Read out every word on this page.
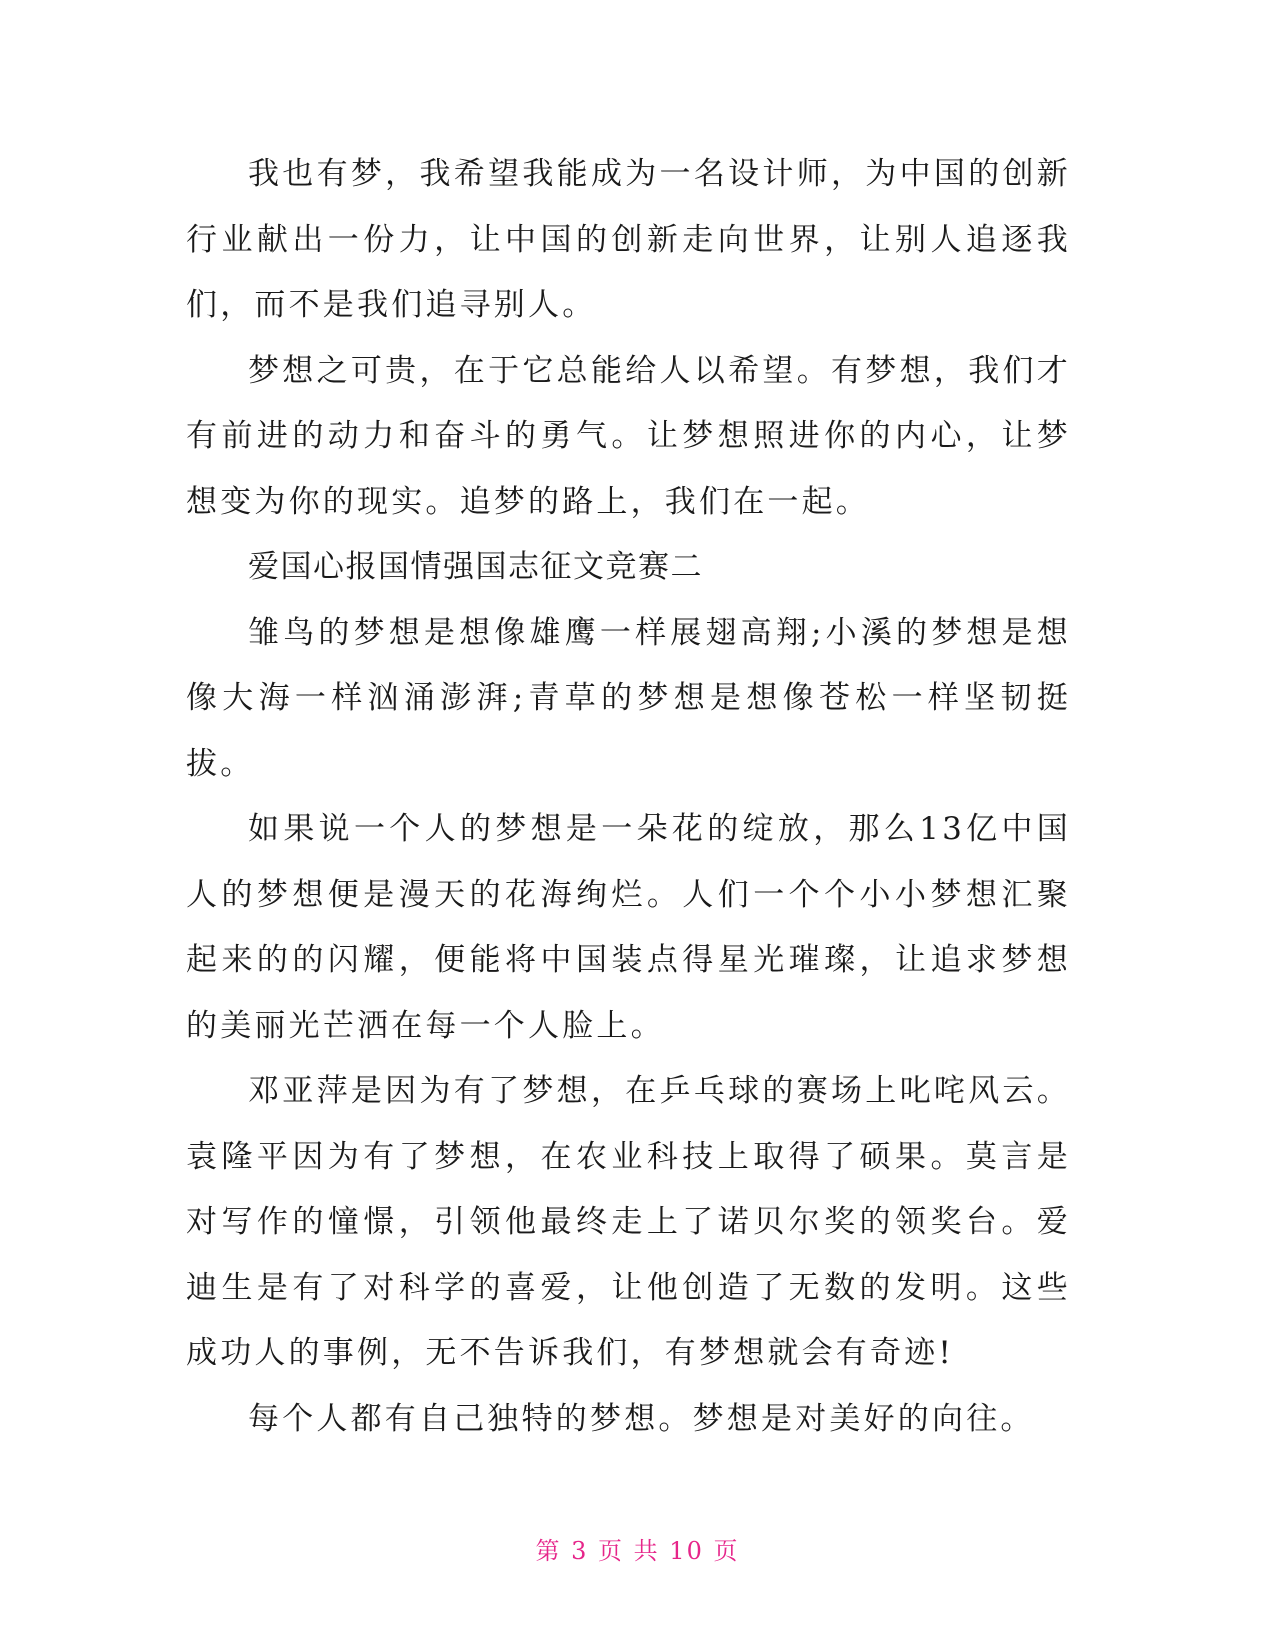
我也有梦，我希望我能成为一名设计师，为中国的创新行业献出一份力，让中国的创新走向世界，让别人追逐我们，而不是我们追寻别人。

梦想之可贵，在于它总能给人以希望。有梦想，我们才有前进的动力和奋斗的勇气。让梦想照进你的内心，让梦想变为你的现实。追梦的路上，我们在一起。

爱国心报国情强国志征文竞赛二

雏鸟的梦想是想像雄鹰一样展翅高翔;小溪的梦想是想像大海一样汹涌澎湃;青草的梦想是想像苍松一样坚韧挺拔。

如果说一个人的梦想是一朵花的绽放，那么13亿中国人的梦想便是漫天的花海绚烂。人们一个个小小梦想汇聚起来的的闪耀，便能将中国装点得星光璀璨，让追求梦想的美丽光芒洒在每一个人脸上。

邓亚萍是因为有了梦想，在乒乓球的赛场上叱咤风云。袁隆平因为有了梦想，在农业科技上取得了硕果。莫言是对写作的憧憬，引领他最终走上了诺贝尔奖的领奖台。爱迪生是有了对科学的喜爱，让他创造了无数的发明。这些成功人的事例，无不告诉我们，有梦想就会有奇迹!

每个人都有自己独特的梦想。梦想是对美好的向往。

第 3 页 共 10 页
